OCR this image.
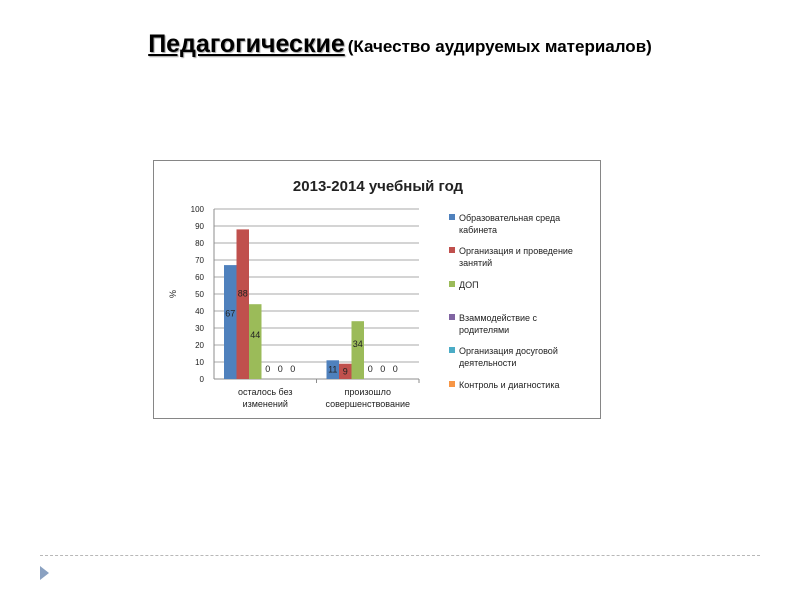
Педагогические (Качество аудируемых материалов)
2013-2014 учебный год
0
10
20
30
40
50
60
70
80
90
100
%
67
88
44
0 0 0
осталось без
изменений
11 9
34
0 0 0
произошло
совершенствование
Образовательная среда
кабинета
Организация и проведение
занятий
ДОП
Взаммодействие с
родителями
Организация досуговой
деятельности
Контроль и диагностика
